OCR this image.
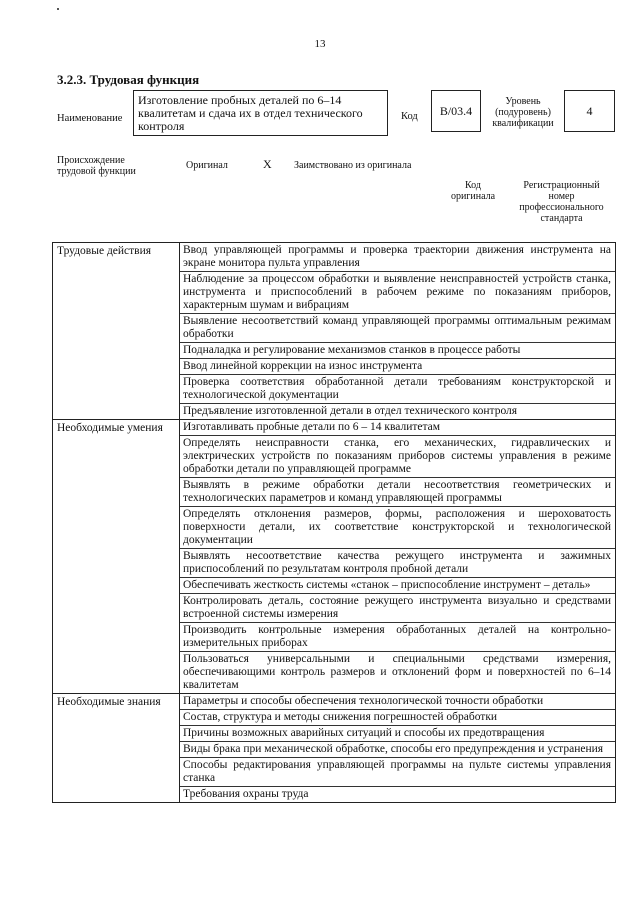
13
3.2.3. Трудовая функция
Наименование
Изготовление пробных деталей по 6–14 квалитетам и сдача их в отдел технического контроля
Код	B/03.4
Уровень (подуровень) квалификации
4
Происхождение трудовой функции
Оригинал	X Заимствовано из оригинала
Код оригинала
Регистрационный номер профессионального стандарта
Трудовые действия	Ввод управляющей программы и проверка траектории движения инструмента на экране монитора пульта управления
Наблюдение за процессом обработки и выявление неисправностей устройств станка, инструмента и приспособлений в рабочем режиме по показаниям приборов, характерным шумам и вибрациям
Выявление несоответствий команд управляющей программы оптимальным режимам обработки
Подналадка и регулирование механизмов станков в процессе работы
Ввод линейной коррекции на износ инструмента
Проверка соответствия обработанной детали требованиям конструкторской и технологической документации
Предъявление изготовленной детали в отдел технического контроля
Необходимые умения	Изготавливать пробные детали по 6 – 14 квалитетам
Определять неисправности станка, его механических, гидравлических и электрических устройств по показаниям приборов системы управления в режиме обработки детали по управляющей программе
Выявлять в режиме обработки детали несоответствия геометрических и технологических параметров и команд управляющей программы
Определять отклонения размеров, формы, расположения и шероховатость поверхности детали, их соответствие конструкторской и технологической документации
Выявлять несоответствие качества режущего инструмента и зажимных приспособлений по результатам контроля пробной детали
Обеспечивать жесткость системы «станок – приспособление инструмент – деталь»
Контролировать деталь, состояние режущего инструмента визуально и средствами встроенной системы измерения
Производить контрольные измерения обработанных деталей на контрольно-измерительных приборах
Пользоваться универсальными и специальными средствами измерения, обеспечивающими контроль размеров и отклонений форм и поверхностей по 6–14 квалитетам
Необходимые знания	Параметры и способы обеспечения технологической точности обработки
Состав, структура и методы снижения погрешностей обработки
Причины возможных аварийных ситуаций и способы их предотвращения
Виды брака при механической обработке, способы его предупреждения и устранения
Способы редактирования управляющей программы на пульте системы управления станка
Требования охраны труда
